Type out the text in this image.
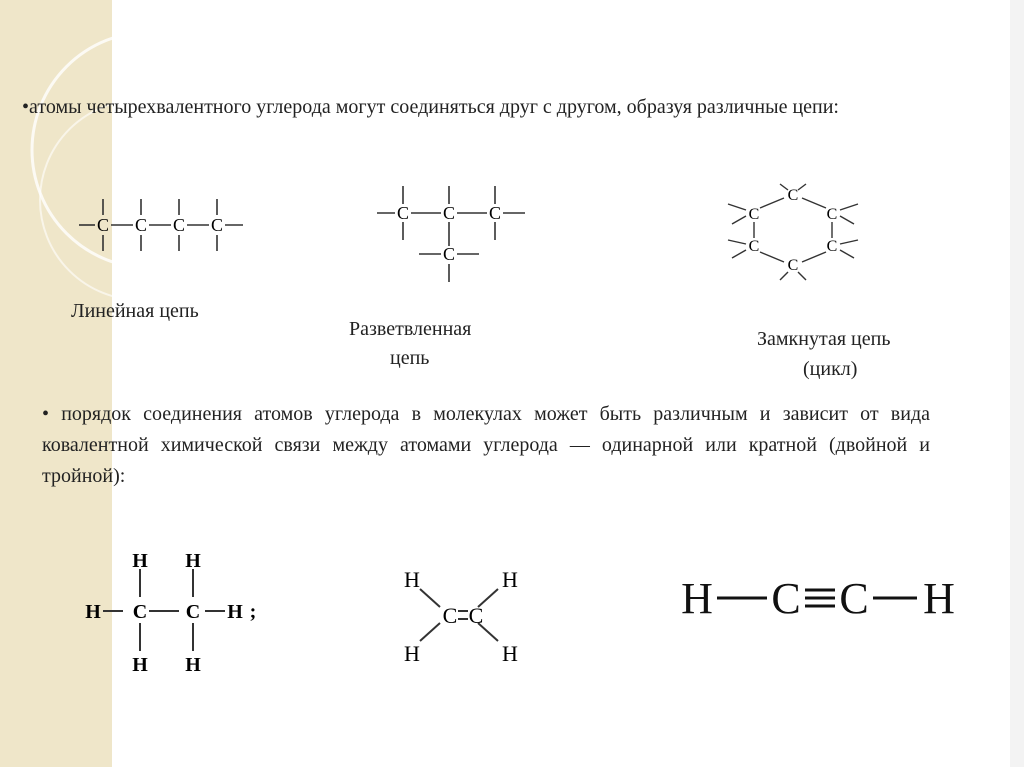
•атомы четырехвалентного углерода могут соединяться друг с другом, образуя различные цепи:
C C C C
C C C
C
C
C	C
C	C
C
Линейная цепь
Разветвленная
цепь
Замкнутая цепь
(цикл)
• порядок соединения атомов углерода в молекулах может быть различным и зависит от вида ковалентной химической связи между атомами углерода — одинарной или кратной (двойной и тройной):
H H
H C C H ;
H H
H
H
C C
H
H
H C C H
